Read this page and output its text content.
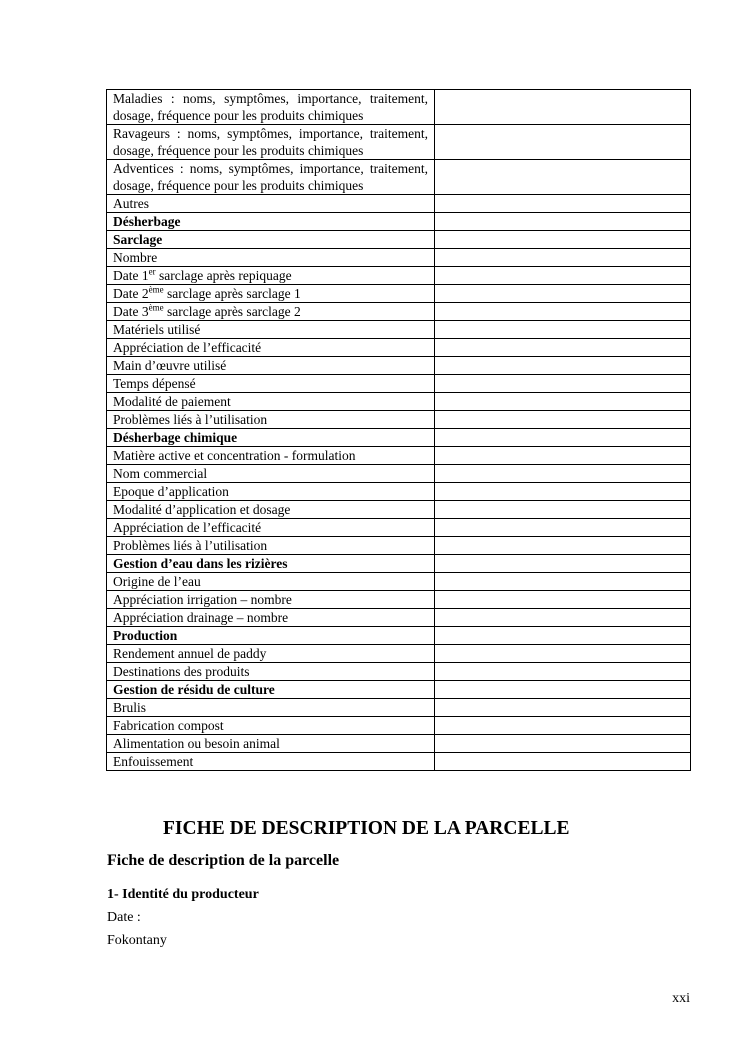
Maladies : noms, symptômes, importance, traitement, dosage, fréquence pour les produits chimiques	
Ravageurs : noms, symptômes, importance, traitement, dosage, fréquence pour les produits chimiques	
Adventices : noms, symptômes, importance, traitement, dosage, fréquence pour les produits chimiques	
Autres	
Désherbage	
Sarclage	
Nombre	
Date 1er sarclage après repiquage	
Date 2ème sarclage après sarclage 1	
Date 3ème sarclage après sarclage 2	
Matériels utilisé	
Appréciation de l’efficacité	
Main d’œuvre utilisé	
Temps dépensé	
Modalité de paiement	
Problèmes liés à l’utilisation	
Désherbage chimique	
Matière active et concentration - formulation	
Nom commercial	
Epoque d’application	
Modalité d’application et dosage	
Appréciation de l’efficacité	
Problèmes liés à l’utilisation	
Gestion d’eau dans les rizières	
Origine de l’eau	
Appréciation irrigation – nombre	
Appréciation drainage – nombre	
Production	
Rendement annuel de paddy	
Destinations des produits	
Gestion de résidu de culture	
Brulis	
Fabrication compost	
Alimentation ou besoin animal	
Enfouissement	
FICHE DE DESCRIPTION DE LA PARCELLE
Fiche de description de la parcelle
1- Identité du producteur
Date :
Fokontany
xxi
